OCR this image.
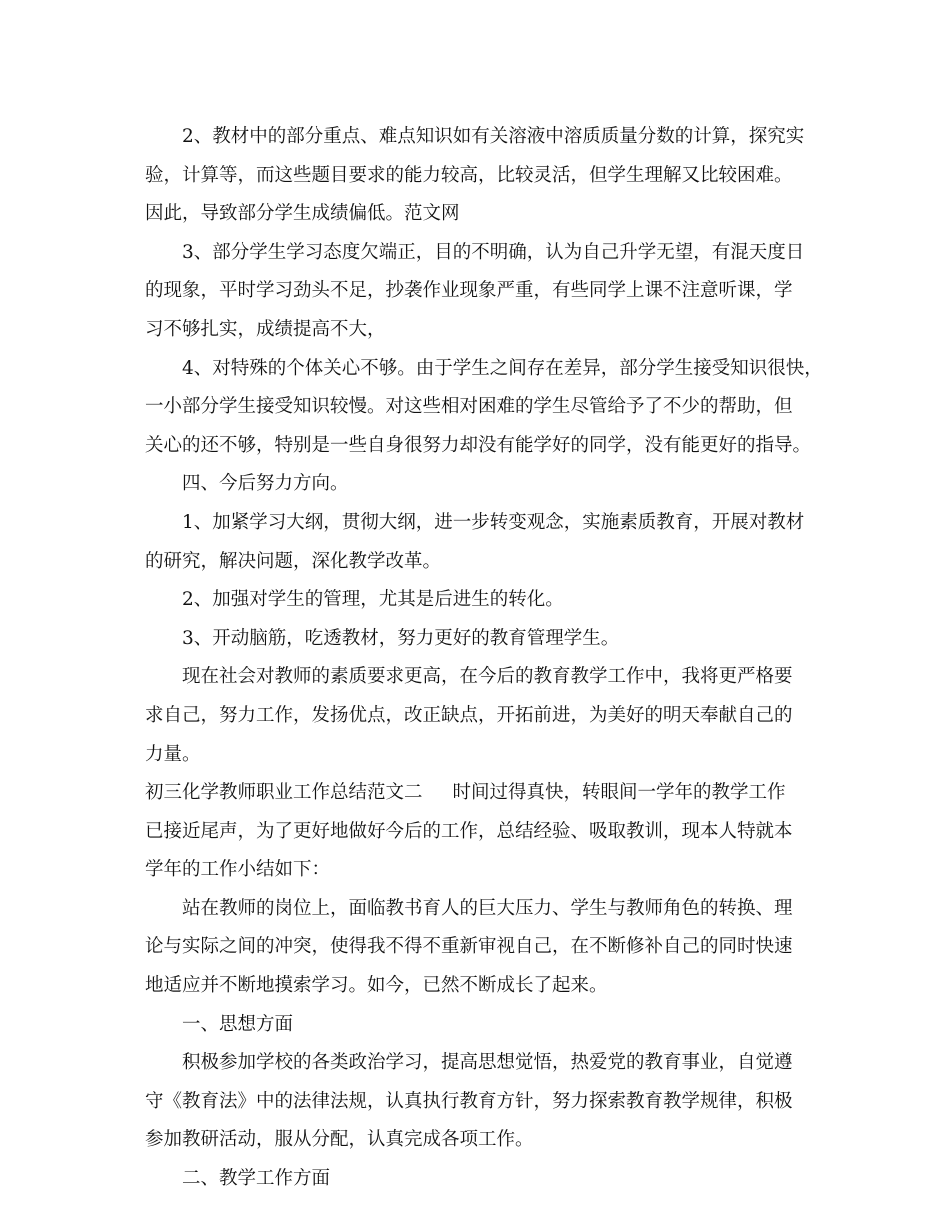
2、教材中的部分重点、难点知识如有关溶液中溶质质量分数的计算，探究实
验，计算等，而这些题目要求的能力较高，比较灵活，但学生理解又比较困难。
因此，导致部分学生成绩偏低。范文网
3、部分学生学习态度欠端正，目的不明确，认为自己升学无望，有混天度日
的现象，平时学习劲头不足，抄袭作业现象严重，有些同学上课不注意听课，学
习不够扎实，成绩提高不大，
4、对特殊的个体关心不够。由于学生之间存在差异，部分学生接受知识很快，
一小部分学生接受知识较慢。对这些相对困难的学生尽管给予了不少的帮助，但
关心的还不够，特别是一些自身很努力却没有能学好的同学，没有能更好的指导。
四、今后努力方向。
1、加紧学习大纲，贯彻大纲，进一步转变观念，实施素质教育，开展对教材
的研究，解决问题，深化教学改革。
2、加强对学生的管理，尤其是后进生的转化。
3、开动脑筋，吃透教材，努力更好的教育管理学生。
现在社会对教师的素质要求更高，在今后的教育教学工作中，我将更严格要
求自己，努力工作，发扬优点，改正缺点，开拓前进，为美好的明天奉献自己的
力量。
初三化学教师职业工作总结范文二 时间过得真快，转眼间一学年的教学工作
已接近尾声，为了更好地做好今后的工作，总结经验、吸取教训，现本人特就本
学年的工作小结如下：
站在教师的岗位上，面临教书育人的巨大压力、学生与教师角色的转换、理
论与实际之间的冲突，使得我不得不重新审视自己，在不断修补自己的同时快速
地适应并不断地摸索学习。如今，已然不断成长了起来。
一、思想方面
积极参加学校的各类政治学习，提高思想觉悟，热爱党的教育事业，自觉遵
守《教育法》中的法律法规，认真执行教育方针，努力探索教育教学规律，积极
参加教研活动，服从分配，认真完成各项工作。
二、教学工作方面
